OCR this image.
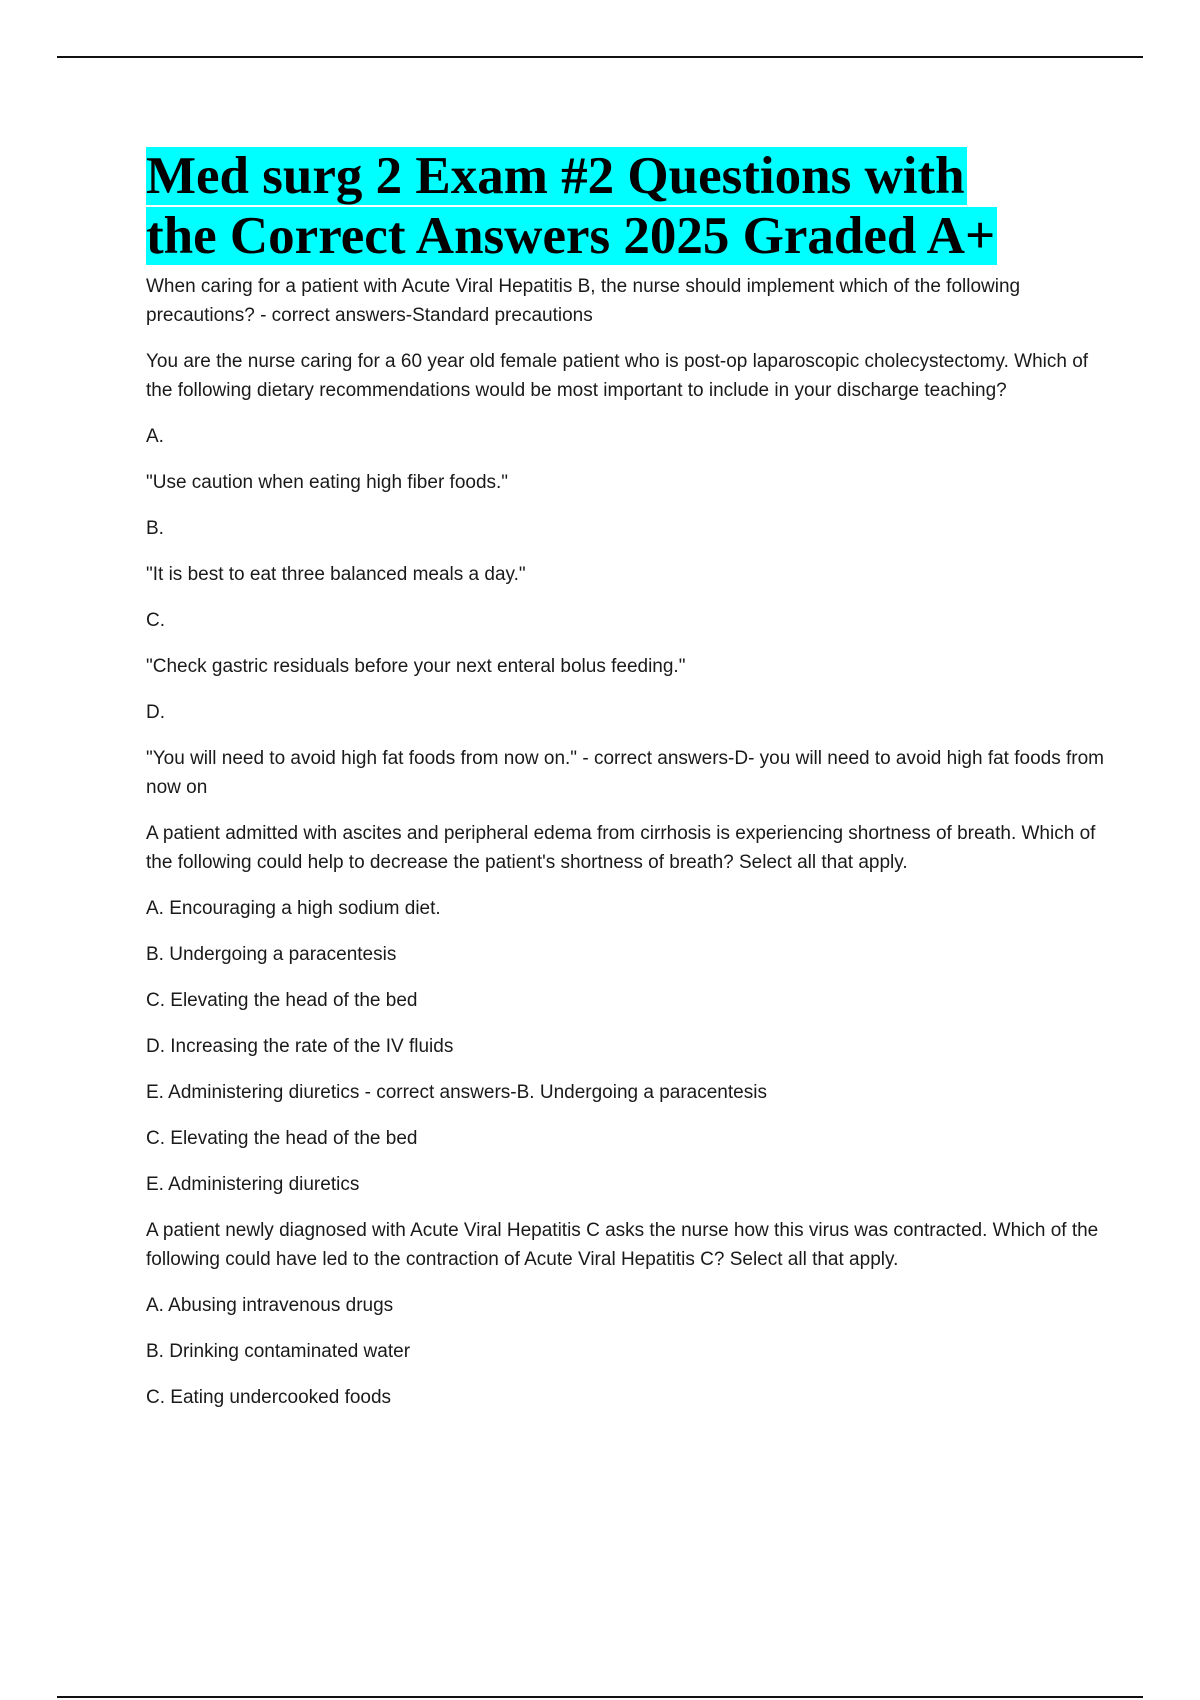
Med surg 2 Exam #2 Questions with
the Correct Answers 2025 Graded A+

When caring for a patient with Acute Viral Hepatitis B, the nurse should implement which of the following precautions? - correct answers-Standard precautions

You are the nurse caring for a 60 year old female patient who is post-op laparoscopic cholecystectomy. Which of the following dietary recommendations would be most important to include in your discharge teaching?

A.

"Use caution when eating high fiber foods."

B.

"It is best to eat three balanced meals a day."

C.

"Check gastric residuals before your next enteral bolus feeding."

D.

"You will need to avoid high fat foods from now on." - correct answers-D- you will need to avoid high fat foods from now on

A patient admitted with ascites and peripheral edema from cirrhosis is experiencing shortness of breath. Which of the following could help to decrease the patient's shortness of breath? Select all that apply.

A. Encouraging a high sodium diet.

B. Undergoing a paracentesis

C. Elevating the head of the bed

D. Increasing the rate of the IV fluids

E. Administering diuretics - correct answers-B. Undergoing a paracentesis

C. Elevating the head of the bed

E. Administering diuretics

A patient newly diagnosed with Acute Viral Hepatitis C asks the nurse how this virus was contracted. Which of the following could have led to the contraction of Acute Viral Hepatitis C? Select all that apply.

A. Abusing intravenous drugs

B. Drinking contaminated water

C. Eating undercooked foods
